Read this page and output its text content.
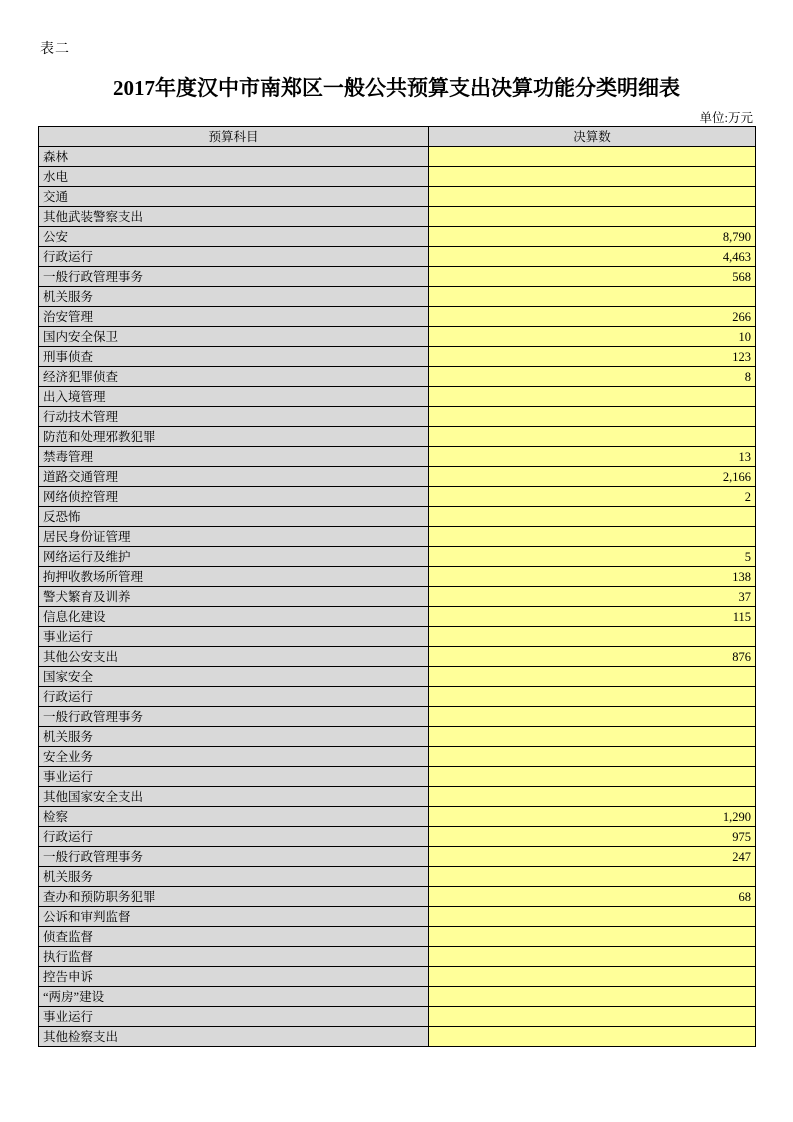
表二
2017年度汉中市南郑区一般公共预算支出决算功能分类明细表
单位:万元
预算科目	决算数
森林	
水电	
交通	
其他武装警察支出	
公安	8,790
行政运行	4,463
一般行政管理事务	568
机关服务	
治安管理	266
国内安全保卫	10
刑事侦查	123
经济犯罪侦查	8
出入境管理	
行动技术管理	
防范和处理邪教犯罪	
禁毒管理	13
道路交通管理	2,166
网络侦控管理	2
反恐怖	
居民身份证管理	
网络运行及维护	5
拘押收教场所管理	138
警犬繁育及训养	37
信息化建设	115
事业运行	
其他公安支出	876
国家安全	
行政运行	
一般行政管理事务	
机关服务	
安全业务	
事业运行	
其他国家安全支出	
检察	1,290
行政运行	975
一般行政管理事务	247
机关服务	
查办和预防职务犯罪	68
公诉和审判监督	
侦查监督	
执行监督	
控告申诉	
“两房”建设	
事业运行	
其他检察支出	
